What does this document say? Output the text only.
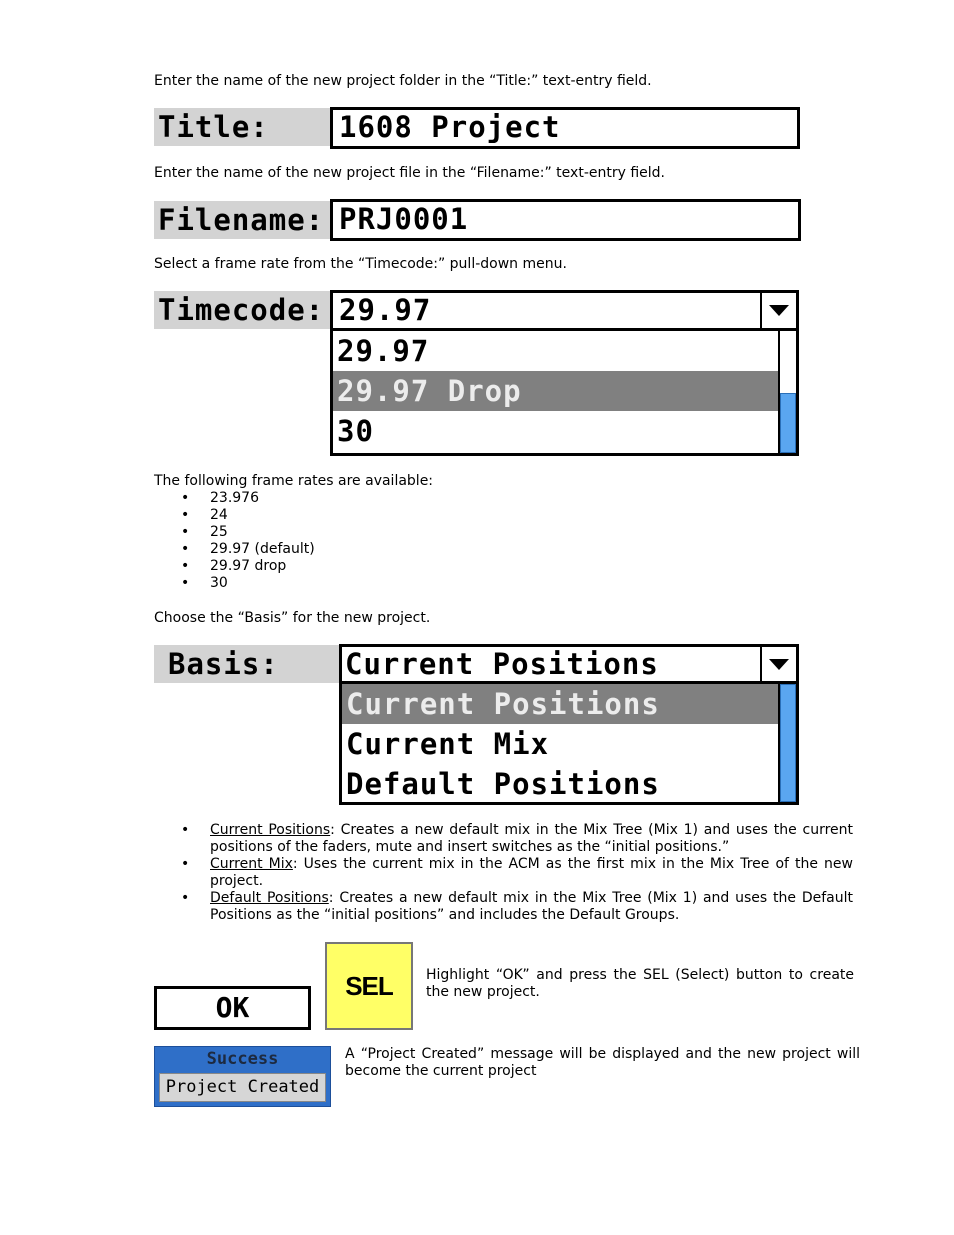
Enter the name of the new project folder in the “Title:” text-entry field.

Title:	1608 Project

Enter the name of the new project file in the “Filename:” text-entry field.

Filename: PRJ0001

Select a frame rate from the “Timecode:” pull-down menu.

Timecode: 29.97
29.97
29.97 Drop
30

The following frame rates are available:

• 23.976
• 24
• 25
• 29.97 (default)
• 29.97 drop
• 30

Choose the “Basis” for the new project.

Basis:	Current Positions
Current Positions
Current Mix
Default Positions
• Current Positions: Creates a new default mix in the Mix Tree (Mix 1) and uses the current positions of the faders, mute and insert switches as the “initial positions.”
• Current Mix: Uses the current mix in the ACM as the first mix in the Mix Tree of the new project.
• Default Positions: Creates a new default mix in the Mix Tree (Mix 1) and uses the Default Positions as the “initial positions” and includes the Default Groups.
OK
SEL	Highlight “OK” and press the SEL (Select) button to create the new project.

Success
Project Created

A “Project Created” message will be displayed and the new project will become the current project
